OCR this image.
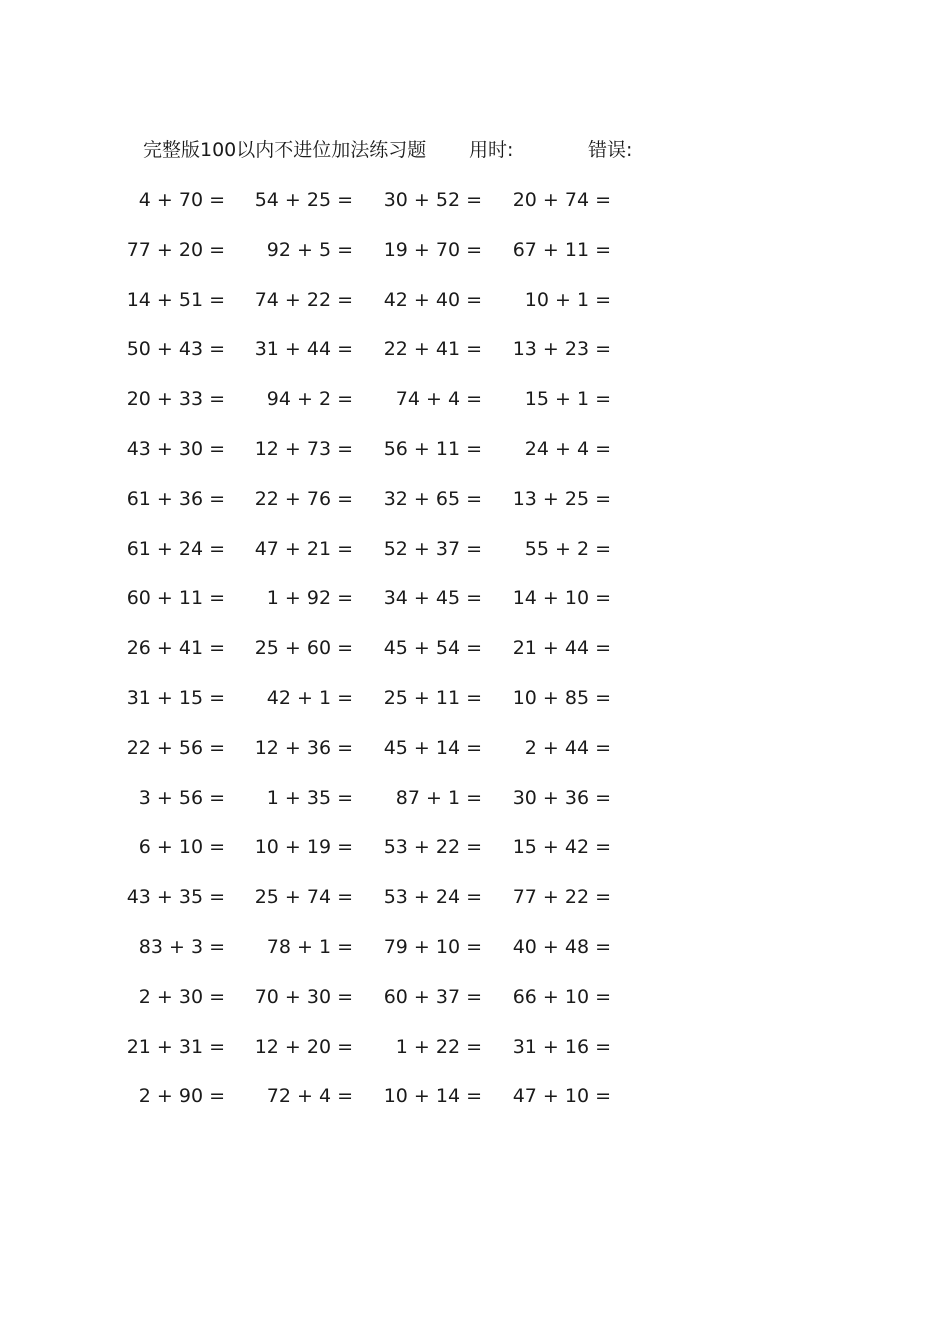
完整版100以内不进位加法练习题 用时:	错误:
4 + 70 =	54 + 25 =	30 + 52 =	20 + 74 =
77 + 20 =	92 + 5 =	19 + 70 =	67 + 11 =
14 + 51 =	74 + 22 =	42 + 40 =	10 + 1 =
50 + 43 =	31 + 44 =	22 + 41 =	13 + 23 =
20 + 33 =	94 + 2 =	74 + 4 =	15 + 1 =
43 + 30 =	12 + 73 =	56 + 11 =	24 + 4 =
61 + 36 =	22 + 76 =	32 + 65 =	13 + 25 =
61 + 24 =	47 + 21 =	52 + 37 =	55 + 2 =
60 + 11 =	1 + 92 =	34 + 45 =	14 + 10 =
26 + 41 =	25 + 60 =	45 + 54 =	21 + 44 =
31 + 15 =	42 + 1 =	25 + 11 =	10 + 85 =
22 + 56 =	12 + 36 =	45 + 14 =	2 + 44 =
3 + 56 =	1 + 35 =	87 + 1 =	30 + 36 =
6 + 10 =	10 + 19 =	53 + 22 =	15 + 42 =
43 + 35 =	25 + 74 =	53 + 24 =	77 + 22 =
83 + 3 =	78 + 1 =	79 + 10 =	40 + 48 =
2 + 30 =	70 + 30 =	60 + 37 =	66 + 10 =
21 + 31 =	12 + 20 =	1 + 22 =	31 + 16 =
2 + 90 =	72 + 4 =	10 + 14 =	47 + 10 =
